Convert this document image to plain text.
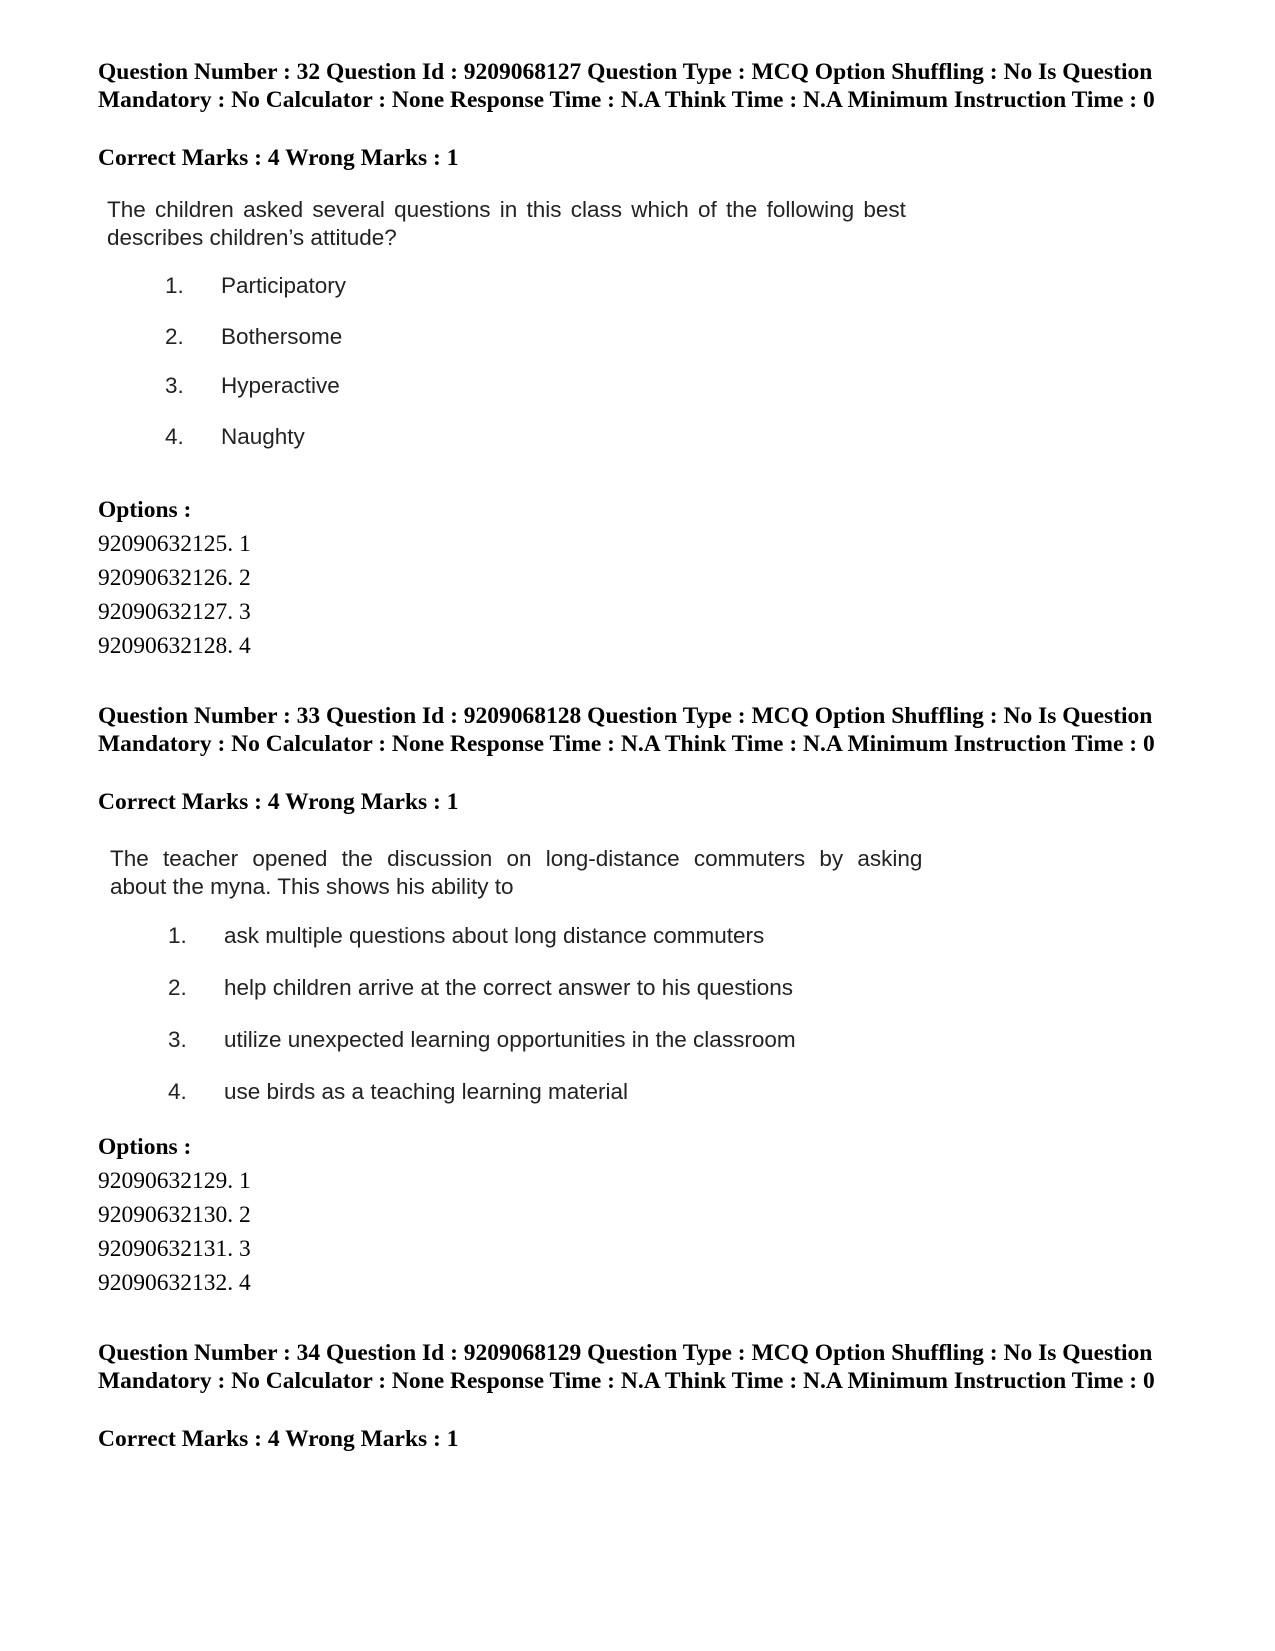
Question Number : 32 Question Id : 9209068127 Question Type : MCQ Option Shuffling : No Is Question Mandatory : No Calculator : None Response Time : N.A Think Time : N.A Minimum Instruction Time : 0
Correct Marks : 4 Wrong Marks : 1
The children asked several questions in this class which of the following best
describes children’s attitude?
1. Participatory
2. Bothersome
3. Hyperactive
4. Naughty
Options :
92090632125. 1
92090632126. 2
92090632127. 3
92090632128. 4
Question Number : 33 Question Id : 9209068128 Question Type : MCQ Option Shuffling : No Is Question Mandatory : No Calculator : None Response Time : N.A Think Time : N.A Minimum Instruction Time : 0
Correct Marks : 4 Wrong Marks : 1
The teacher opened the discussion on long-distance commuters by asking
about the myna. This shows his ability to
1. ask multiple questions about long distance commuters
2. help children arrive at the correct answer to his questions
3. utilize unexpected learning opportunities in the classroom
4. use birds as a teaching learning material
Options :
92090632129. 1
92090632130. 2
92090632131. 3
92090632132. 4
Question Number : 34 Question Id : 9209068129 Question Type : MCQ Option Shuffling : No Is Question Mandatory : No Calculator : None Response Time : N.A Think Time : N.A Minimum Instruction Time : 0
Correct Marks : 4 Wrong Marks : 1
